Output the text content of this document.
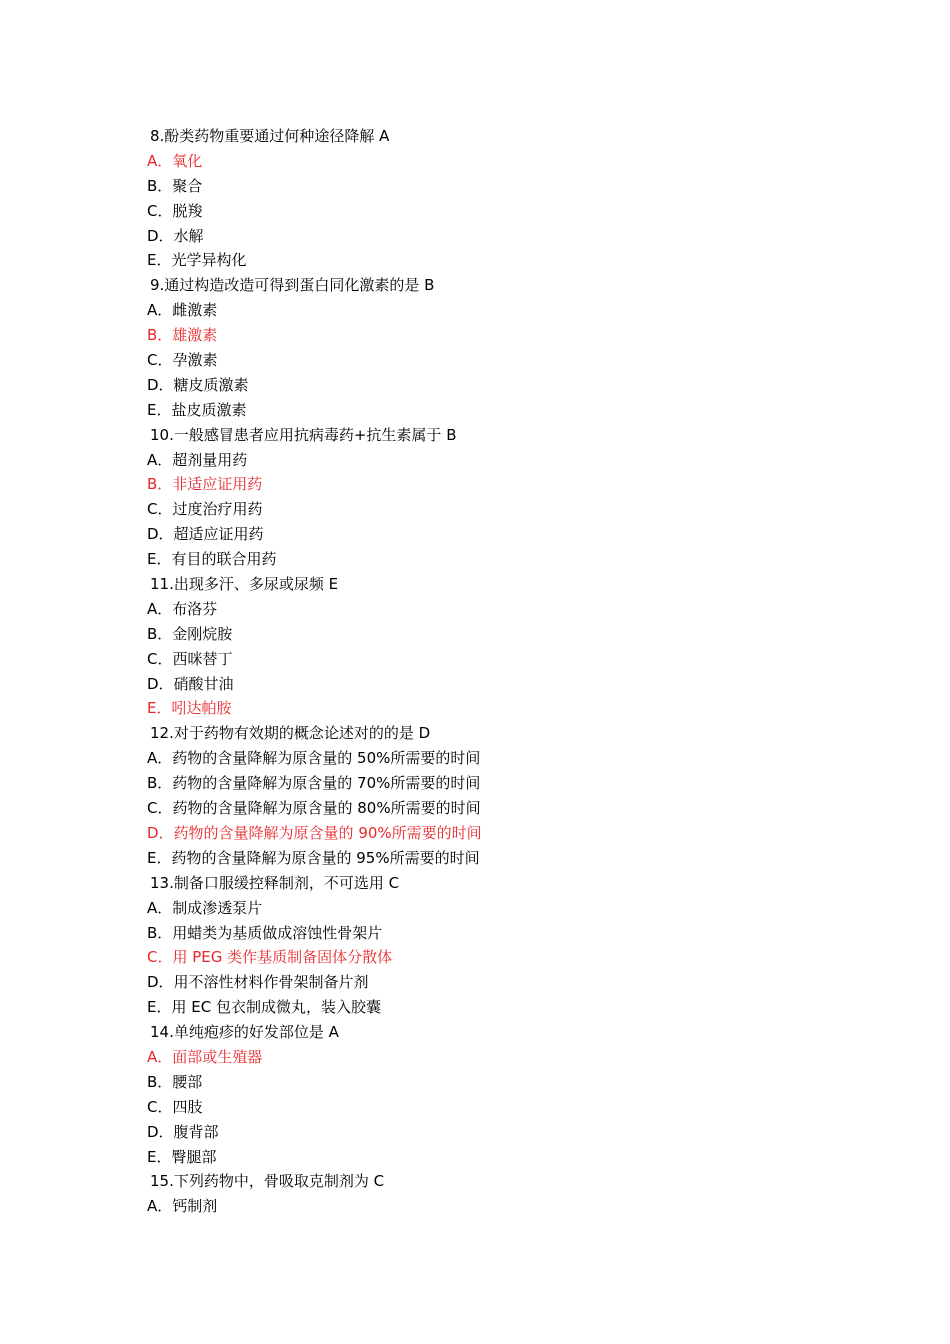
8.酚类药物重要通过何种途径降解 A
A．氧化
B．聚合
C．脱羧
D．水解
E．光学异构化
9.通过构造改造可得到蛋白同化激素的是 B
A．雌激素
B．雄激素
C．孕激素
D．糖皮质激素
E．盐皮质激素
10.一般感冒患者应用抗病毒药+抗生素属于 B
A．超剂量用药
B．非适应证用药
C．过度治疗用药
D．超适应证用药
E．有目的联合用药
11.出现多汗、多尿或尿频 E
A．布洛芬
B．金刚烷胺
C．西咪替丁
D．硝酸甘油
E．吲达帕胺
12.对于药物有效期的概念论述对的的是 D
A．药物的含量降解为原含量的 50%所需要的时间
B．药物的含量降解为原含量的 70%所需要的时间
C．药物的含量降解为原含量的 80%所需要的时间
D．药物的含量降解为原含量的 90%所需要的时间
E．药物的含量降解为原含量的 95%所需要的时间
13.制备口服缓控释制剂，不可选用 C
A．制成渗透泵片
B．用蜡类为基质做成溶蚀性骨架片
C．用 PEG 类作基质制备固体分散体
D．用不溶性材料作骨架制备片剂
E．用 EC 包衣制成微丸，装入胶囊
14.单纯疱疹的好发部位是 A
A．面部或生殖器
B．腰部
C．四肢
D．腹背部
E．臀腿部
15.下列药物中，骨吸取克制剂为 C
A．钙制剂
